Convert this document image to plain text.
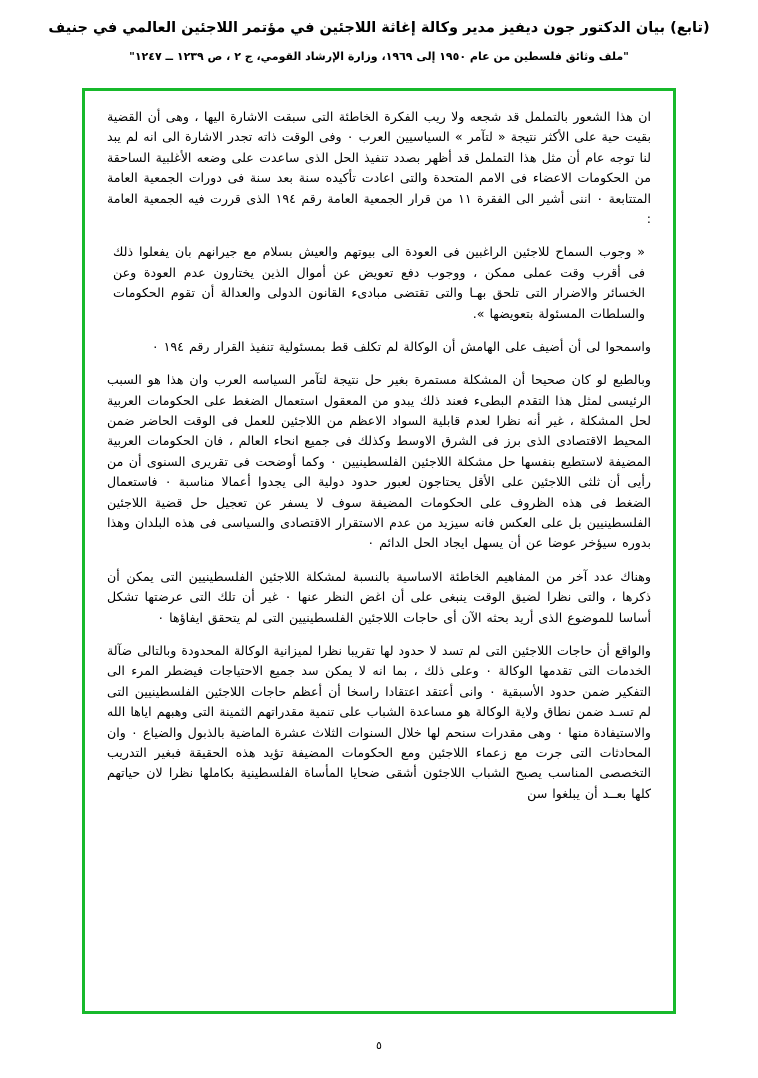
(تابع) بيان الدكتور جون ديفيز مدير وكالة إغاثة اللاجئين في مؤتمر اللاجئين العالمي في جنيف
"ملف وثائق فلسطين من عام ١٩٥٠ إلى ١٩٦٩، وزارة الإرشاد القومي، ج ٢ ، ص ١٢٣٩ ــ ١٢٤٧"

ان هذا الشعور بالتململ قد شجعه ولا ريب الفكرة الخاطئة التى سبقت الاشارة اليها ، وهى أن القضية بقيت حية على الأكثر نتيجة « لتآمر » السياسيين العرب ٠ وفى الوقت ذاته تجدر الاشارة الى انه لم يبد لنا توجه عام أن مثل هذا التململ قد أظهر بصدد تنفيذ الحل الذى ساعدت على وضعه الأغلبية الساحقة من الحكومات الاعضاء فى الامم المتحدة والتى اعادت تأكيده سنة بعد سنة فى دورات الجمعية العامة المتتابعة ٠ اننى أشير الى الفقرة ١١ من قرار الجمعية العامة رقم ١٩٤ الذى قررت فيه الجمعية العامة :

« وجوب السماح للاجئين الراغبين فى العودة الى بيوتهم والعيش بسلام مع جيرانهم بان يفعلوا ذلك فى أقرب وقت عملى ممكن ، ووجوب دفع تعويض عن أموال الذين يختارون عدم العودة وعن الخسائر والاضرار التى تلحق بهـا والتى تقتضى مبادىء القانون الدولى والعدالة أن تقوم الحكومات والسلطات المسئولة بتعويضها ».

واسمحوا لى أن أضيف على الهامش أن الوكالة لم تكلف قط بمسئولية تنفيذ القرار رقم ١٩٤ ٠

وبالطبع لو كان صحيحا أن المشكلة مستمرة بغير حل نتيجة لتآمر السياسه العرب وان هذا هو السبب الرئيسى لمثل هذا التقدم البطىء فعند ذلك يبدو من المعقول استعمال الضغط على الحكومات العربية لحل المشكلة ، غير أنه نظرا لعدم قابلية السواد الاعظم من اللاجئين للعمل فى الوقت الحاضر ضمن المحيط الاقتصادى الذى برز فى الشرق الاوسط وكذلك فى جميع انحاء العالم ، فان الحكومات العربية المضيفة لاستطيع بنفسها حل مشكلة اللاجئين الفلسطينيين ٠ وكما أوضحت فى تقريرى السنوى أن من رأيى أن ثلثى اللاجئين على الأقل يحتاجون لعبور حدود دولية الى يجدوا أعمالا مناسبة ٠ فاستعمال الضغط فى هذه الظروف على الحكومات المضيفة سوف لا يسفر عن تعجيل حل قضية اللاجئين الفلسطينيين بل على العكس فانه سيزيد من عدم الاستقرار الاقتصادى والسياسى فى هذه البلدان وهذا بدوره سيؤخر عوضا عن أن يسهل ايجاد الحل الدائم ٠

وهناك عدد آخر من المفاهيم الخاطئة الاساسية بالنسبة لمشكلة اللاجئين الفلسطينيين التى يمكن أن ذكرها ، والتى نظرا لضيق الوقت ينبغى على أن اغض النظر عنها ٠ غير أن تلك التى عرضتها تشكل أساسا للموضوع الذى أريد بحثه الآن أى حاجات اللاجئين الفلسطينيين التى لم يتحقق ايفاؤها ٠

والواقع أن حاجات اللاجئين التى لم تسد لا حدود لها تقريبا نظرا لميزانية الوكالة المحدودة وبالتالى ضآلة الخدمات التى تقدمها الوكالة ٠ وعلى ذلك ، بما انه لا يمكن سد جميع الاحتياجات فيضطر المرء الى التفكير ضمن حدود الأسبقية ٠ وانى أعتقد اعتقادا راسخا أن أعظم حاجات اللاجئين الفلسطينيين التى لم تسـد ضمن نطاق ولاية الوكالة هو مساعدة الشباب على تنمية مقدراتهم الثمينة التى وهبهم اياها الله والاستيفادة منها ٠ وهى مقدرات سنحم لها خلال السنوات الثلاث عشرة الماضية بالذبول والضياع ٠ وان المحادثات التى جرت مع زعماء اللاجئين ومع الحكومات المضيفة تؤيد هذه الحقيقة فبغير التدريب التخصصى المناسب يصبح الشباب اللاجئون أشقى ضحايا المأساة الفلسطينية بكاملها نظرا لان حياتهم كلها بعــد أن يبلغوا سن

٥
